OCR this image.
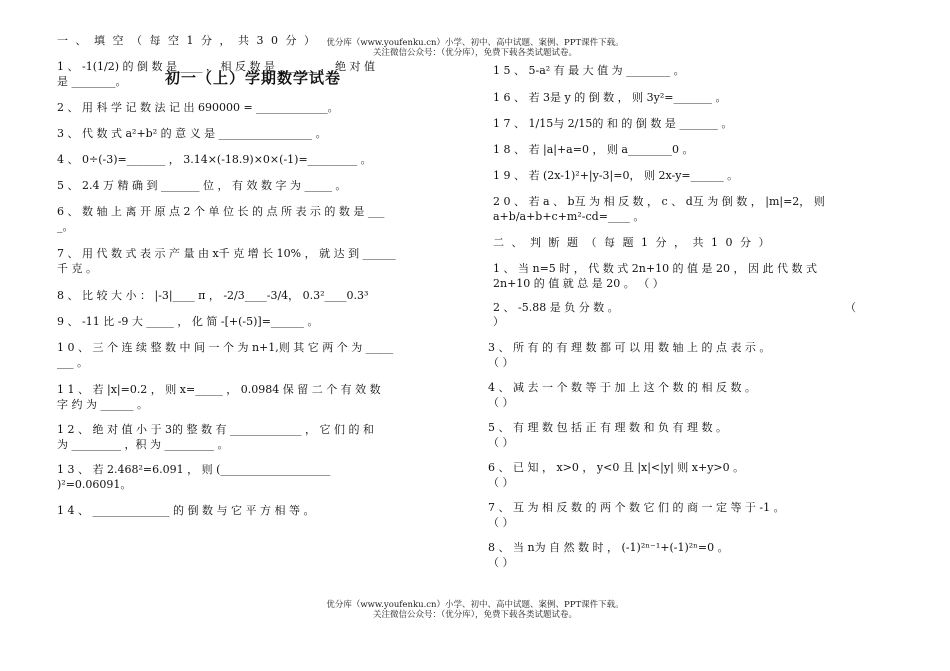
优分库（www.youfenku.cn）小学、初中、高中试题、案例、PPT课件下载。
关注微信公众号：（优分库），免费下载各类试题试卷。
初一（上）学期数学试卷
一 、 填 空 （ 每 空 1 分 ， 共 3 0 分 ）
1 、 -1(1/2) 的 倒 数 是 ____ ， 相 反 数 是 _______ ， 绝 对 值
是 ________。
2 、 用 科 学 记 数 法 记 出 690000 = _____________。
3 、 代 数 式 a²+b² 的 意 义 是 _________________ 。
4 、 0÷(-3)=_______ ， 3.14×(-18.9)×0×(-1)=_________ 。
5 、 2.4 万 精 确 到 _______ 位 ， 有 效 数 字 为 _____ 。
6 、 数 轴 上 离 开 原 点 2 个 单 位 长 的 点 所 表 示 的 数 是 ___
_。
7 、 用 代 数 式 表 示 产 量 由 x千 克 增 长 10% ， 就 达 到 ______
千 克 。
8 、 比 较 大 小 ： |-3|____ π ， -2/3____-3/4， 0.3²____0.3³
9 、 -11 比 -9 大 _____ ， 化 简 -[+(-5)]=______ 。
1 0 、 三 个 连 续 整 数 中 间 一 个 为 n+1,则 其 它 两 个 为 _____
___ 。
1 1 、 若 |x|=0.2 ， 则 x=_____ ， 0.0984 保 留 二 个 有 效 数
字 约 为 ______ 。
1 2 、 绝 对 值 小 于 3的 整 数 有 _____________ ， 它 们 的 和
为 _________ ，积 为 _________ 。
1 3 、 若 2.468²=6.091 ， 则 (____________________
)²=0.06091。
1 4 、 ______________ 的 倒 数 与 它 平 方 相 等 。
1 5 、 5-a² 有 最 大 值 为 ________ 。
1 6 、 若 3是 y 的 倒 数 ， 则 3y²=_______ 。
1 7 、 1/15与 2/15的 和 的 倒 数 是 _______ 。
1 8 、 若 |a|+a=0 ， 则 a________0 。
1 9 、 若 (2x-1)²+|y-3|=0， 则 2x-y=______ 。
2 0 、 若 a 、 b互 为 相 反 数 ， c 、 d互 为 倒 数 ， |m|=2， 则
a+b/a+b+c+m²-cd=____ 。
二 、 判 断 题 （ 每 题 1 分 ， 共 1 0 分 ）
1 、 当 n=5 时 ， 代 数 式 2n+10 的 值 是 20 ， 因 此 代 数 式
2n+10 的 值 就 总 是 20 。 （ ）
2 、 -5.88 是 负 分 数 。	（
）
3 、 所 有 的 有 理 数 都 可 以 用 数 轴 上 的 点 表 示 。
（ ）
4 、 减 去 一 个 数 等 于 加 上 这 个 数 的 相 反 数 。
（ ）
5 、 有 理 数 包 括 正 有 理 数 和 负 有 理 数 。
（ ）
6 、 已 知 ， x>0 ， y<0 且 |x|<|y| 则 x+y>0 。
（ ）
7 、 互 为 相 反 数 的 两 个 数 它 们 的 商 一 定 等 于 -1 。
（ ）
8 、 当 n为 自 然 数 时 ， (-1)²ⁿ⁻¹+(-1)²ⁿ=0 。
（ ）
优分库（www.youfenku.cn）小学、初中、高中试题、案例、PPT课件下载。
关注微信公众号：（优分库），免费下载各类试题试卷。
